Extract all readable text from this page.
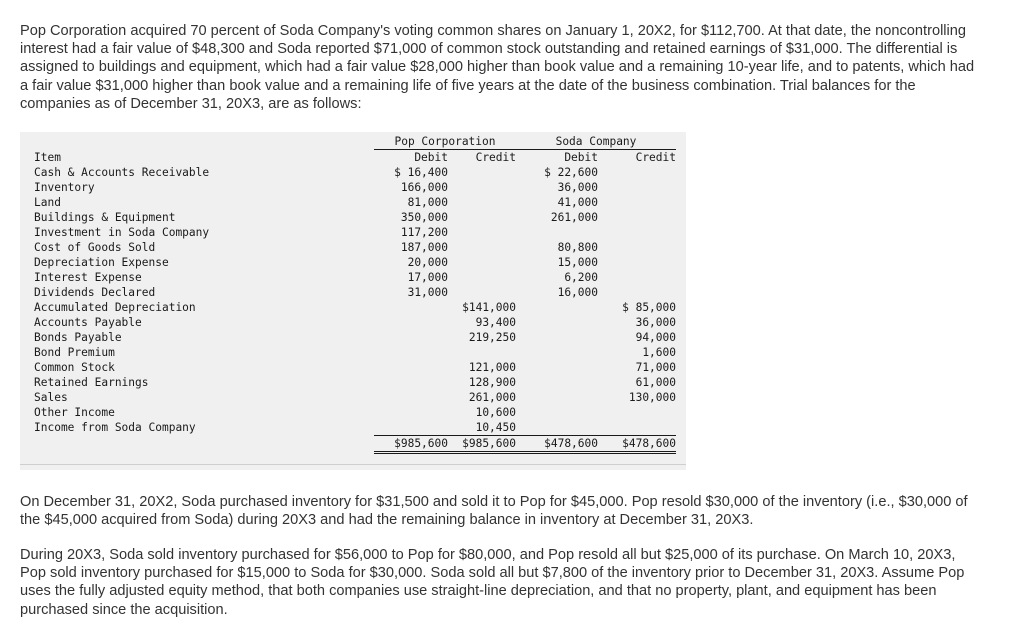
Pop Corporation acquired 70 percent of Soda Company's voting common shares on January 1, 20X2, for $112,700. At that date, the noncontrolling interest had a fair value of $48,300 and Soda reported $71,000 of common stock outstanding and retained earnings of $31,000. The differential is assigned to buildings and equipment, which had a fair value $28,000 higher than book value and a remaining 10-year life, and to patents, which had a fair value $31,000 higher than book value and a remaining life of five years at the date of the business combination. Trial balances for the companies as of December 31, 20X3, are as follows:

	Pop Corporation		Soda Company	
Item	Debit	Credit	Debit	Credit
Cash & Accounts Receivable	$ 16,400		$ 22,600	
Inventory	166,000		36,000	
Land	81,000		41,000	
Buildings & Equipment	350,000		261,000	
Investment in Soda Company	117,200			
Cost of Goods Sold	187,000		80,800	
Depreciation Expense	20,000		15,000	
Interest Expense	17,000		6,200	
Dividends Declared	31,000		16,000	
Accumulated Depreciation		$141,000		$ 85,000
Accounts Payable		93,400		36,000
Bonds Payable		219,250		94,000
Bond Premium				1,600
Common Stock		121,000		71,000
Retained Earnings		128,900		61,000
Sales		261,000		130,000
Other Income		10,600		
Income from Soda Company		10,450		
	$985,600	$985,600	$478,600	$478,600

On December 31, 20X2, Soda purchased inventory for $31,500 and sold it to Pop for $45,000. Pop resold $30,000 of the inventory (i.e., $30,000 of the $45,000 acquired from Soda) during 20X3 and had the remaining balance in inventory at December 31, 20X3.

During 20X3, Soda sold inventory purchased for $56,000 to Pop for $80,000, and Pop resold all but $25,000 of its purchase. On March 10, 20X3, Pop sold inventory purchased for $15,000 to Soda for $30,000. Soda sold all but $7,800 of the inventory prior to December 31, 20X3. Assume Pop uses the fully adjusted equity method, that both companies use straight-line depreciation, and that no property, plant, and equipment has been purchased since the acquisition.
